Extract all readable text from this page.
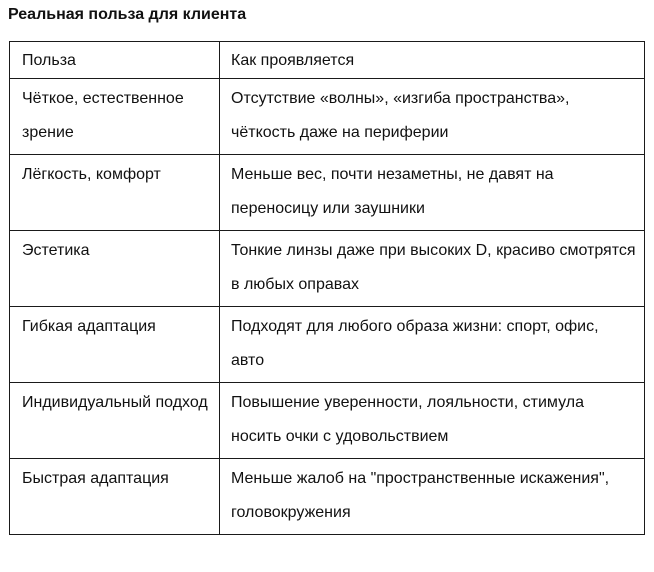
Реальная польза для клиента
Польза	Как проявляется
Чёткое, естественное зрение	Отсутствие «волны», «изгиба пространства», чёткость даже на периферии
Лёгкость, комфорт	Меньше вес, почти незаметны, не давят на переносицу или заушники
Эстетика	Тонкие линзы даже при высоких D, красиво смотрятся в любых оправах
Гибкая адаптация	Подходят для любого образа жизни: спорт, офис, авто
Индивидуальный подход	Повышение уверенности, лояльности, стимула носить очки с удовольствием
Быстрая адаптация	Меньше жалоб на "пространственные искажения", головокружения
